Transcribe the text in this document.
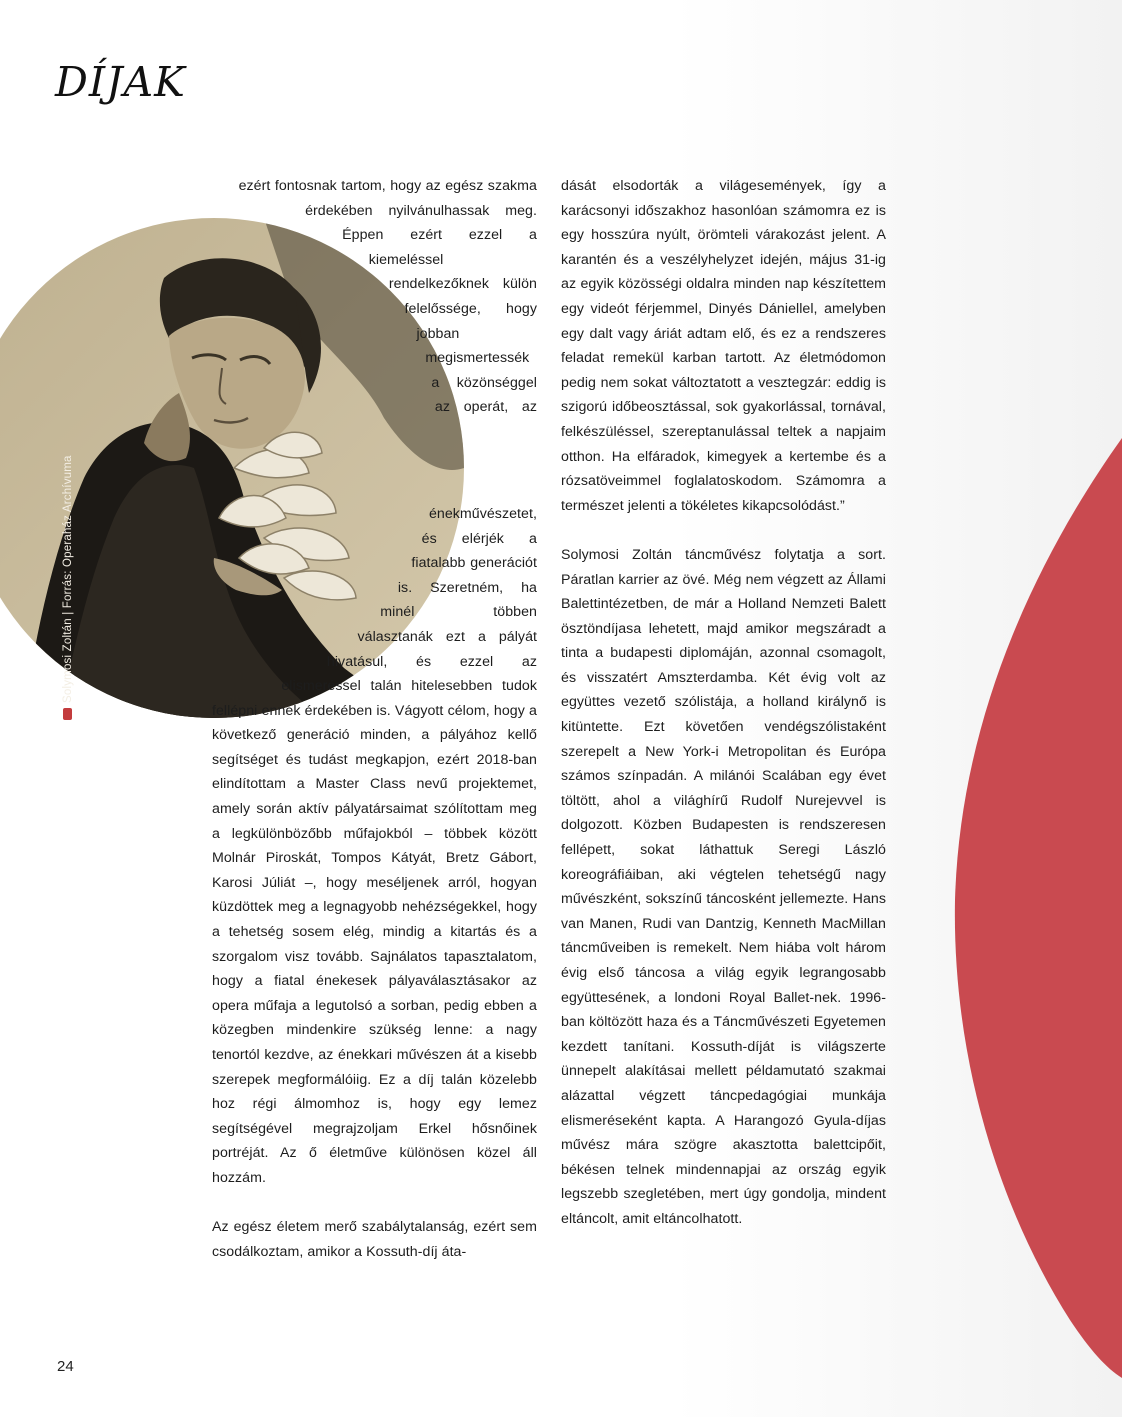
DÍJAK
Solymosi Zoltán | Forrás: Operaház Archívuma

ezért fontosnak tartom, hogy az egész szakma érdekében nyilvánulhassak meg. Éppen ezért ezzel a kiemeléssel rendelkezőknek külön felelőssége, hogy jobban megismertessék a közönséggel az operát, az énekművészetet, és elérjék a fiatalabb generációt is. Szeretném, ha minél többen választanák ezt a pályát hivatásul, és ezzel az elismeréssel talán hitelesebben tudok fellépni ennek érdekében is. Vágyott célom, hogy a következő generáció minden, a pályához kellő segítséget és tudást megkapjon, ezért 2018-ban elindítottam a Master Class nevű projektemet, amely során aktív pályatársaimat szólítottam meg a legkülönbözőbb műfajokból – többek között Molnár Piroskát, Tompos Kátyát, Bretz Gábort, Karosi Júliát –, hogy meséljenek arról, hogyan küzdöttek meg a legnagyobb nehézségekkel, hogy a tehetség sosem elég, mindig a kitartás és a szorgalom visz tovább. Sajnálatos tapasztalatom, hogy a fiatal énekesek pályaválasztásakor az opera műfaja a legutolsó a sorban, pedig ebben a közegben mindenkire szükség lenne: a nagy tenortól kezdve, az énekkari művészen át a kisebb szerepek megformálóiig. Ez a díj talán közelebb hoz régi álmomhoz is, hogy egy lemez segítségével megrajzoljam Erkel hősnőinek portréját. Az ő életműve különösen közel áll hozzám.

Az egész életem merő szabálytalanság, ezért sem csodálkoztam, amikor a Kossuth-díj áta-

dását elsodorták a világesemények, így a karácsonyi időszakhoz hasonlóan számomra ez is egy hosszúra nyúlt, örömteli várakozást jelent. A karantén és a veszélyhelyzet idején, május 31-ig az egyik közösségi oldalra minden nap készítettem egy videót férjemmel, Dinyés Dániellel, amelyben egy dalt vagy áriát adtam elő, és ez a rendszeres feladat remekül karban tartott. Az életmódomon pedig nem sokat változtatott a vesztegzár: eddig is szigorú időbeosztással, sok gyakorlással, tornával, felkészüléssel, szereptanulással teltek a napjaim otthon. Ha elfáradok, kimegyek a kertembe és a rózsatöveimmel foglalatoskodom. Számomra a természet jelenti a tökéletes kikapcsolódást.”

Solymosi Zoltán táncművész folytatja a sort. Páratlan karrier az övé. Még nem végzett az Állami Balettintézetben, de már a Holland Nemzeti Balett ösztöndíjasa lehetett, majd amikor megszáradt a tinta a budapesti diplomáján, azonnal csomagolt, és visszatért Amszterdamba. Két évig volt az együttes vezető szólistája, a holland királynő is kitüntette. Ezt követően vendégszólistaként szerepelt a New York-i Metropolitan és Európa számos színpadán. A milánói Scalában egy évet töltött, ahol a világhírű Rudolf Nurejevvel is dolgozott. Közben Budapesten is rendszeresen fellépett, sokat láthattuk Seregi László koreográfiáiban, aki végtelen tehetségű nagy művészként, sokszínű táncosként jellemezte. Hans van Manen, Rudi van Dantzig, Kenneth MacMillan táncműveiben is remekelt. Nem hiába volt három évig első táncosa a világ egyik legrangosabb együttesének, a londoni Royal Ballet-nek. 1996-ban költözött haza és a Táncművészeti Egyetemen kezdett tanítani. Kossuth-díját is világszerte ünnepelt alakításai mellett példamutató szakmai alázattal végzett táncpedagógiai munkája elismeréseként kapta. A Harangozó Gyula-díjas művész mára szögre akasztotta balettcipőit, békésen telnek mindennapjai az ország egyik legszebb szegletében, mert úgy gondolja, mindent eltáncolt, amit eltáncolhatott.

24
